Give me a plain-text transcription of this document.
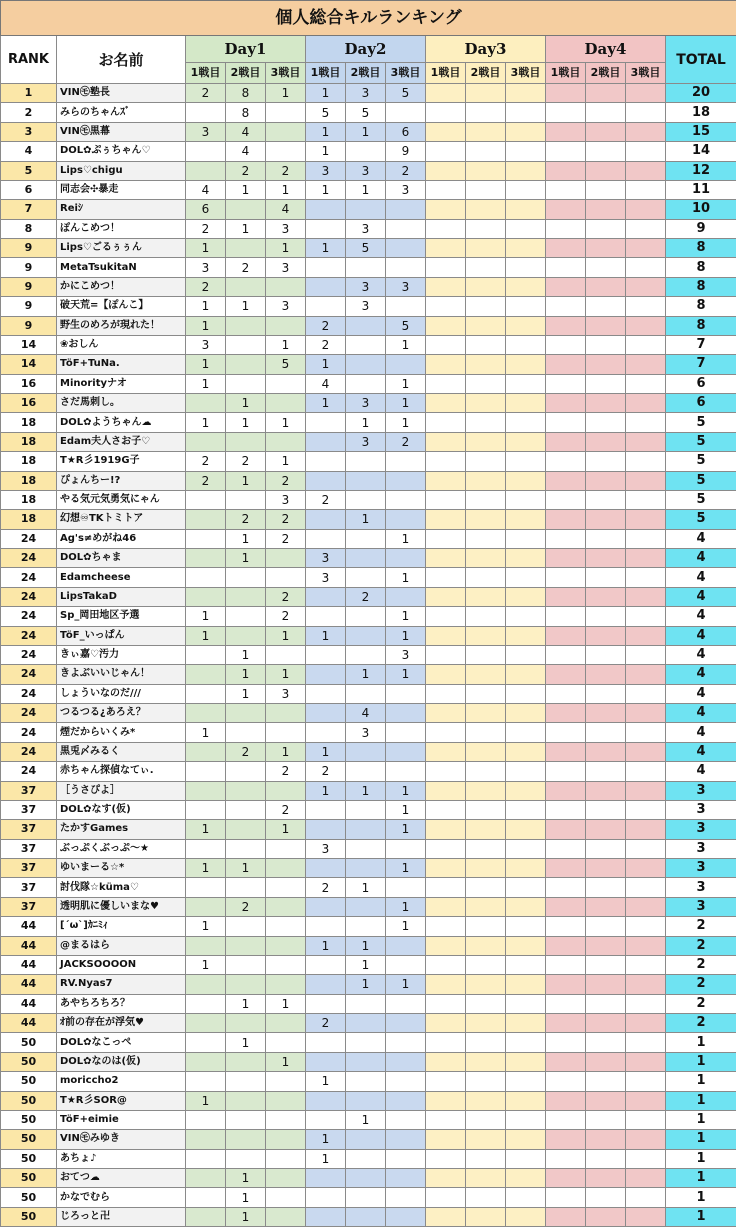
個人総合キルランキング														
RANK	お名前	Day1			Day2			Day3			Day4			TOTAL
		1戦目	2戦目	3戦目	1戦目	2戦目	3戦目	1戦目	2戦目	3戦目	1戦目	2戦目	3戦目	
1	VIN㋲塾長	2	8	1	1	3	5							20
2	みらのちゃんｽﾞ		8		5	5								18
3	VIN㋲黒幕	3	4		1	1	6							15
4	DOL✿ぷぅちゃん♡		4		1		9							14
5	Lips♡chigu		2	2	3	3	2							12
6	同志会✣暴走	4	1	1	1	1	3							11
7	Reiｼ	6		4										10
8	ぽんこめつ！	2	1	3		3								9
9	Lips♡ごるぅぅん	1		1	1	5								8
9	MetaTsukitaN	3	2	3										8
9	かにこめつ！	2				3	3							8
9	破天荒=【ぽんこ】	1	1	3		3								8
9	野生のめろが現れた！	1			2		5							8
14	❀おしん	3		1	2		1							7
14	TöF+TuNa.	1		5	1									7
16	Minorityナオ	1			4		1							6
16	さだ馬刺し。		1		1	3	1							6
18	DOL✿ようちゃん☁	1	1	1		1	1							5
18	Edam夫人さお子♡					3	2							5
18	T★R彡1919G子	2	2	1										5
18	ぴょんちー!?	2	1	2										5
18	やる気元気勇気にゃん			3	2									5
18	幻想♾TKトミトア		2	2		1								5
24	Ag's≠めがね46		1	2			1							4
24	DOL✿ちゃま		1		3									4
24	Edamcheese				3		1							4
24	LipsTakaD			2		2								4
24	Sp_岡田地区予選	1		2			1							4
24	TöF_いっぱん	1		1	1		1							4
24	きぃ嘉♡汚力		1				3							4
24	きよぶいいじゃん！		1	1		1	1							4
24	しょういなのだ///		1	3										4
24	つるつる¿あろえ？					4								4
24	煙だからいくみ*	1				3								4
24	黒兎〆みるく		2	1	1									4
24	赤ちゃん探偵なてぃ.			2	2									4
37	［うさぴよ］				1	1	1							3
37	DOL✿なす(仮)			2			1							3
37	たかすGames	1		1			1							3
37	ぶっぷくぶっぷ〜★				3									3
37	ゆいまーる☆*	1	1				1							3
37	討伐隊☆küma♡				2	1								3
37	透明肌に優しいまな♥		2				1							3
44	[ˊωˋ]ｶﾆﾐｨ	1					1							2
44	@まるはら				1	1								2
44	JACKSOOOON	1				1								2
44	RV.Nyas7					1	1							2
44	あやちろちろ？		1	1										2
44	ｵ前の存在が浮気♥				2									2
50	DOL✿なこっぺ		1											1
50	DOL✿なのは(仮)			1										1
50	moriccho2				1									1
50	T★R彡SOR@	1												1
50	TöF+eimie					1								1
50	VIN㋲みゆき				1									1
50	あちょ♪				1									1
50	おてつ☁		1											1
50	かなでむら		1											1
50	じろっと卍		1											1
